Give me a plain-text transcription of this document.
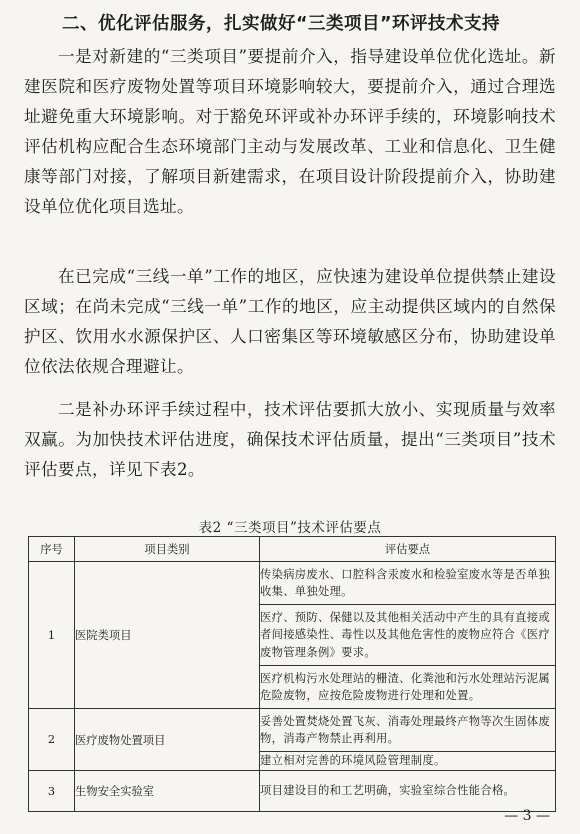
二、优化评估服务，扎实做好“三类项目”环评技术支持
一是对新建的“三类项目”要提前介入，指导建设单位优化选址。新建医院和医疗废物处置等项目环境影响较大，要提前介入，通过合理选址避免重大环境影响。对于豁免环评或补办环评手续的，环境影响技术评估机构应配合生态环境部门主动与发展改革、工业和信息化、卫生健康等部门对接，了解项目新建需求，在项目设计阶段提前介入，协助建设单位优化项目选址。
在已完成“三线一单”工作的地区，应快速为建设单位提供禁止建设区域；在尚未完成“三线一单”工作的地区，应主动提供区域内的自然保护区、饮用水水源保护区、人口密集区等环境敏感区分布，协助建设单位依法依规合理避让。
二是补办环评手续过程中，技术评估要抓大放小、实现质量与效率双赢。为加快技术评估进度，确保技术评估质量，提出“三类项目”技术评估要点，详见下表2。
表2 “三类项目”技术评估要点
序号	项目类别	评估要点
1	医院类项目	传染病房废水、口腔科含汞废水和检验室废水等是否单独收集、单独处理。
		医疗、预防、保健以及其他相关活动中产生的具有直接或者间接感染性、毒性以及其他危害性的废物应符合《医疗废物管理条例》要求。
		医疗机构污水处理站的栅渣、化粪池和污水处理站污泥属危险废物，应按危险废物进行处理和处置。
2	医疗废物处置项目	妥善处置焚烧处置飞灰、消毒处理最终产物等次生固体废物，消毒产物禁止再利用。
		建立相对完善的环境风险管理制度。
3	生物安全实验室	项目建设目的和工艺明确，实验室综合性能合格。
— 3 —
